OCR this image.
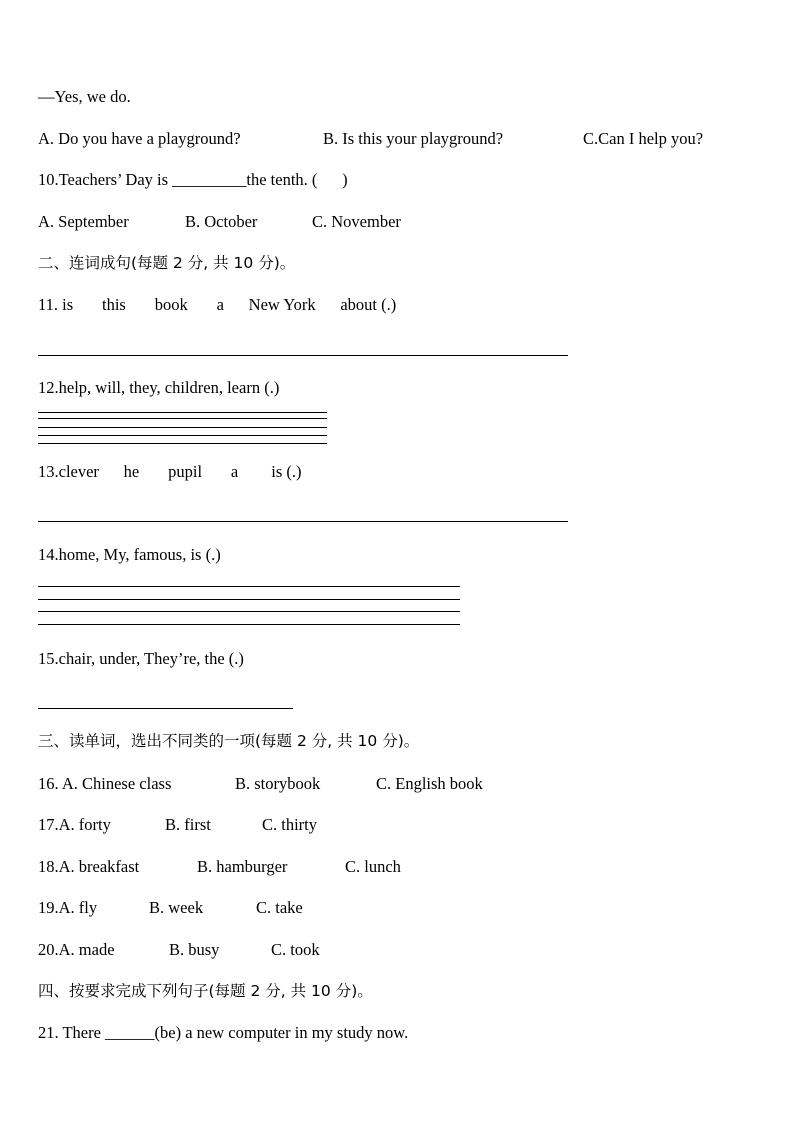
—Yes, we do.
A. Do you have a playground?	B. Is this your playground?	C.Can I help you?
10.Teachers’ Day is _________the tenth. (      )
A. September	B. October	C. November
二、连词成句(每题 2 分, 共 10 分)。
11. is       this       book       a      New York      about (.)
12.help, will, they, children, learn (.)
13.clever      he       pupil       a        is (.)
14.home, My, famous, is (.)
15.chair, under, They’re, the (.)
三、读单词，选出不同类的一项(每题 2 分, 共 10 分)。
16. A. Chinese class	B. storybook	C. English book
17.A. forty	B. first	C. thirty
18.A. breakfast	B. hamburger	C. lunch
19.A. fly	B. week	C. take
20.A. made	B. busy	C. took
四、按要求完成下列句子(每题 2 分, 共 10 分)。
21. There ______(be) a new computer in my study now.
